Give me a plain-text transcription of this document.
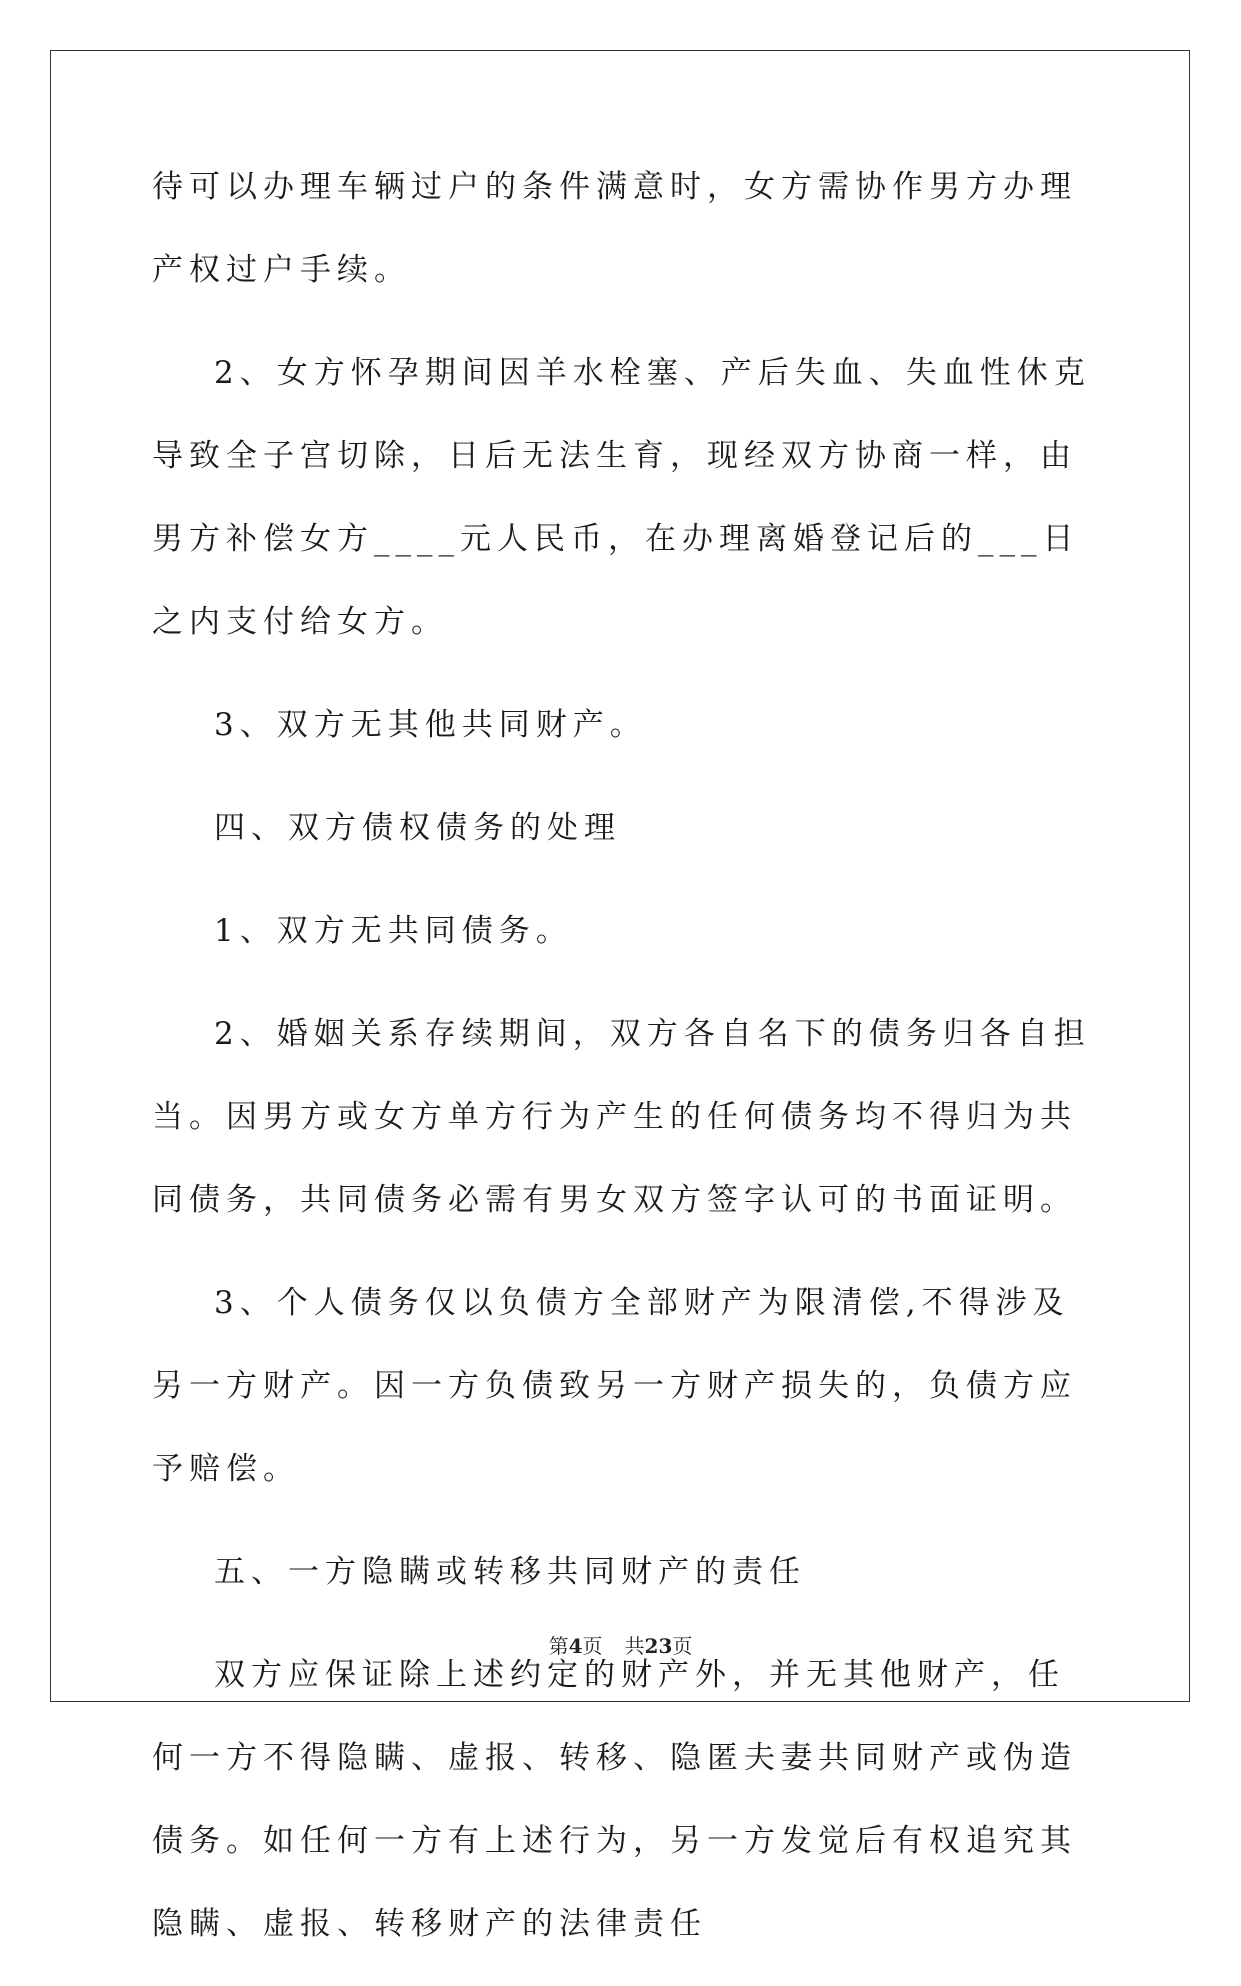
待可以办理车辆过户的条件满意时，女方需协作男方办理产权过户手续。

2、女方怀孕期间因羊水栓塞、产后失血、失血性休克导致全子宫切除，日后无法生育，现经双方协商一样，由男方补偿女方____元人民币，在办理离婚登记后的___日之内支付给女方。

3、双方无其他共同财产。

四、双方债权债务的处理

1、双方无共同债务。

2、婚姻关系存续期间，双方各自名下的债务归各自担当。因男方或女方单方行为产生的任何债务均不得归为共同债务，共同债务必需有男女双方签字认可的书面证明。

3、个人债务仅以负债方全部财产为限清偿,不得涉及另一方财产。因一方负债致另一方财产损失的，负债方应予赔偿。

五、一方隐瞒或转移共同财产的责任

双方应保证除上述约定的财产外，并无其他财产，任何一方不得隐瞒、虚报、转移、隐匿夫妻共同财产或伪造债务。如任何一方有上述行为，另一方发觉后有权追究其隐瞒、虚报、转移财产的法律责任

第4页 共23页
